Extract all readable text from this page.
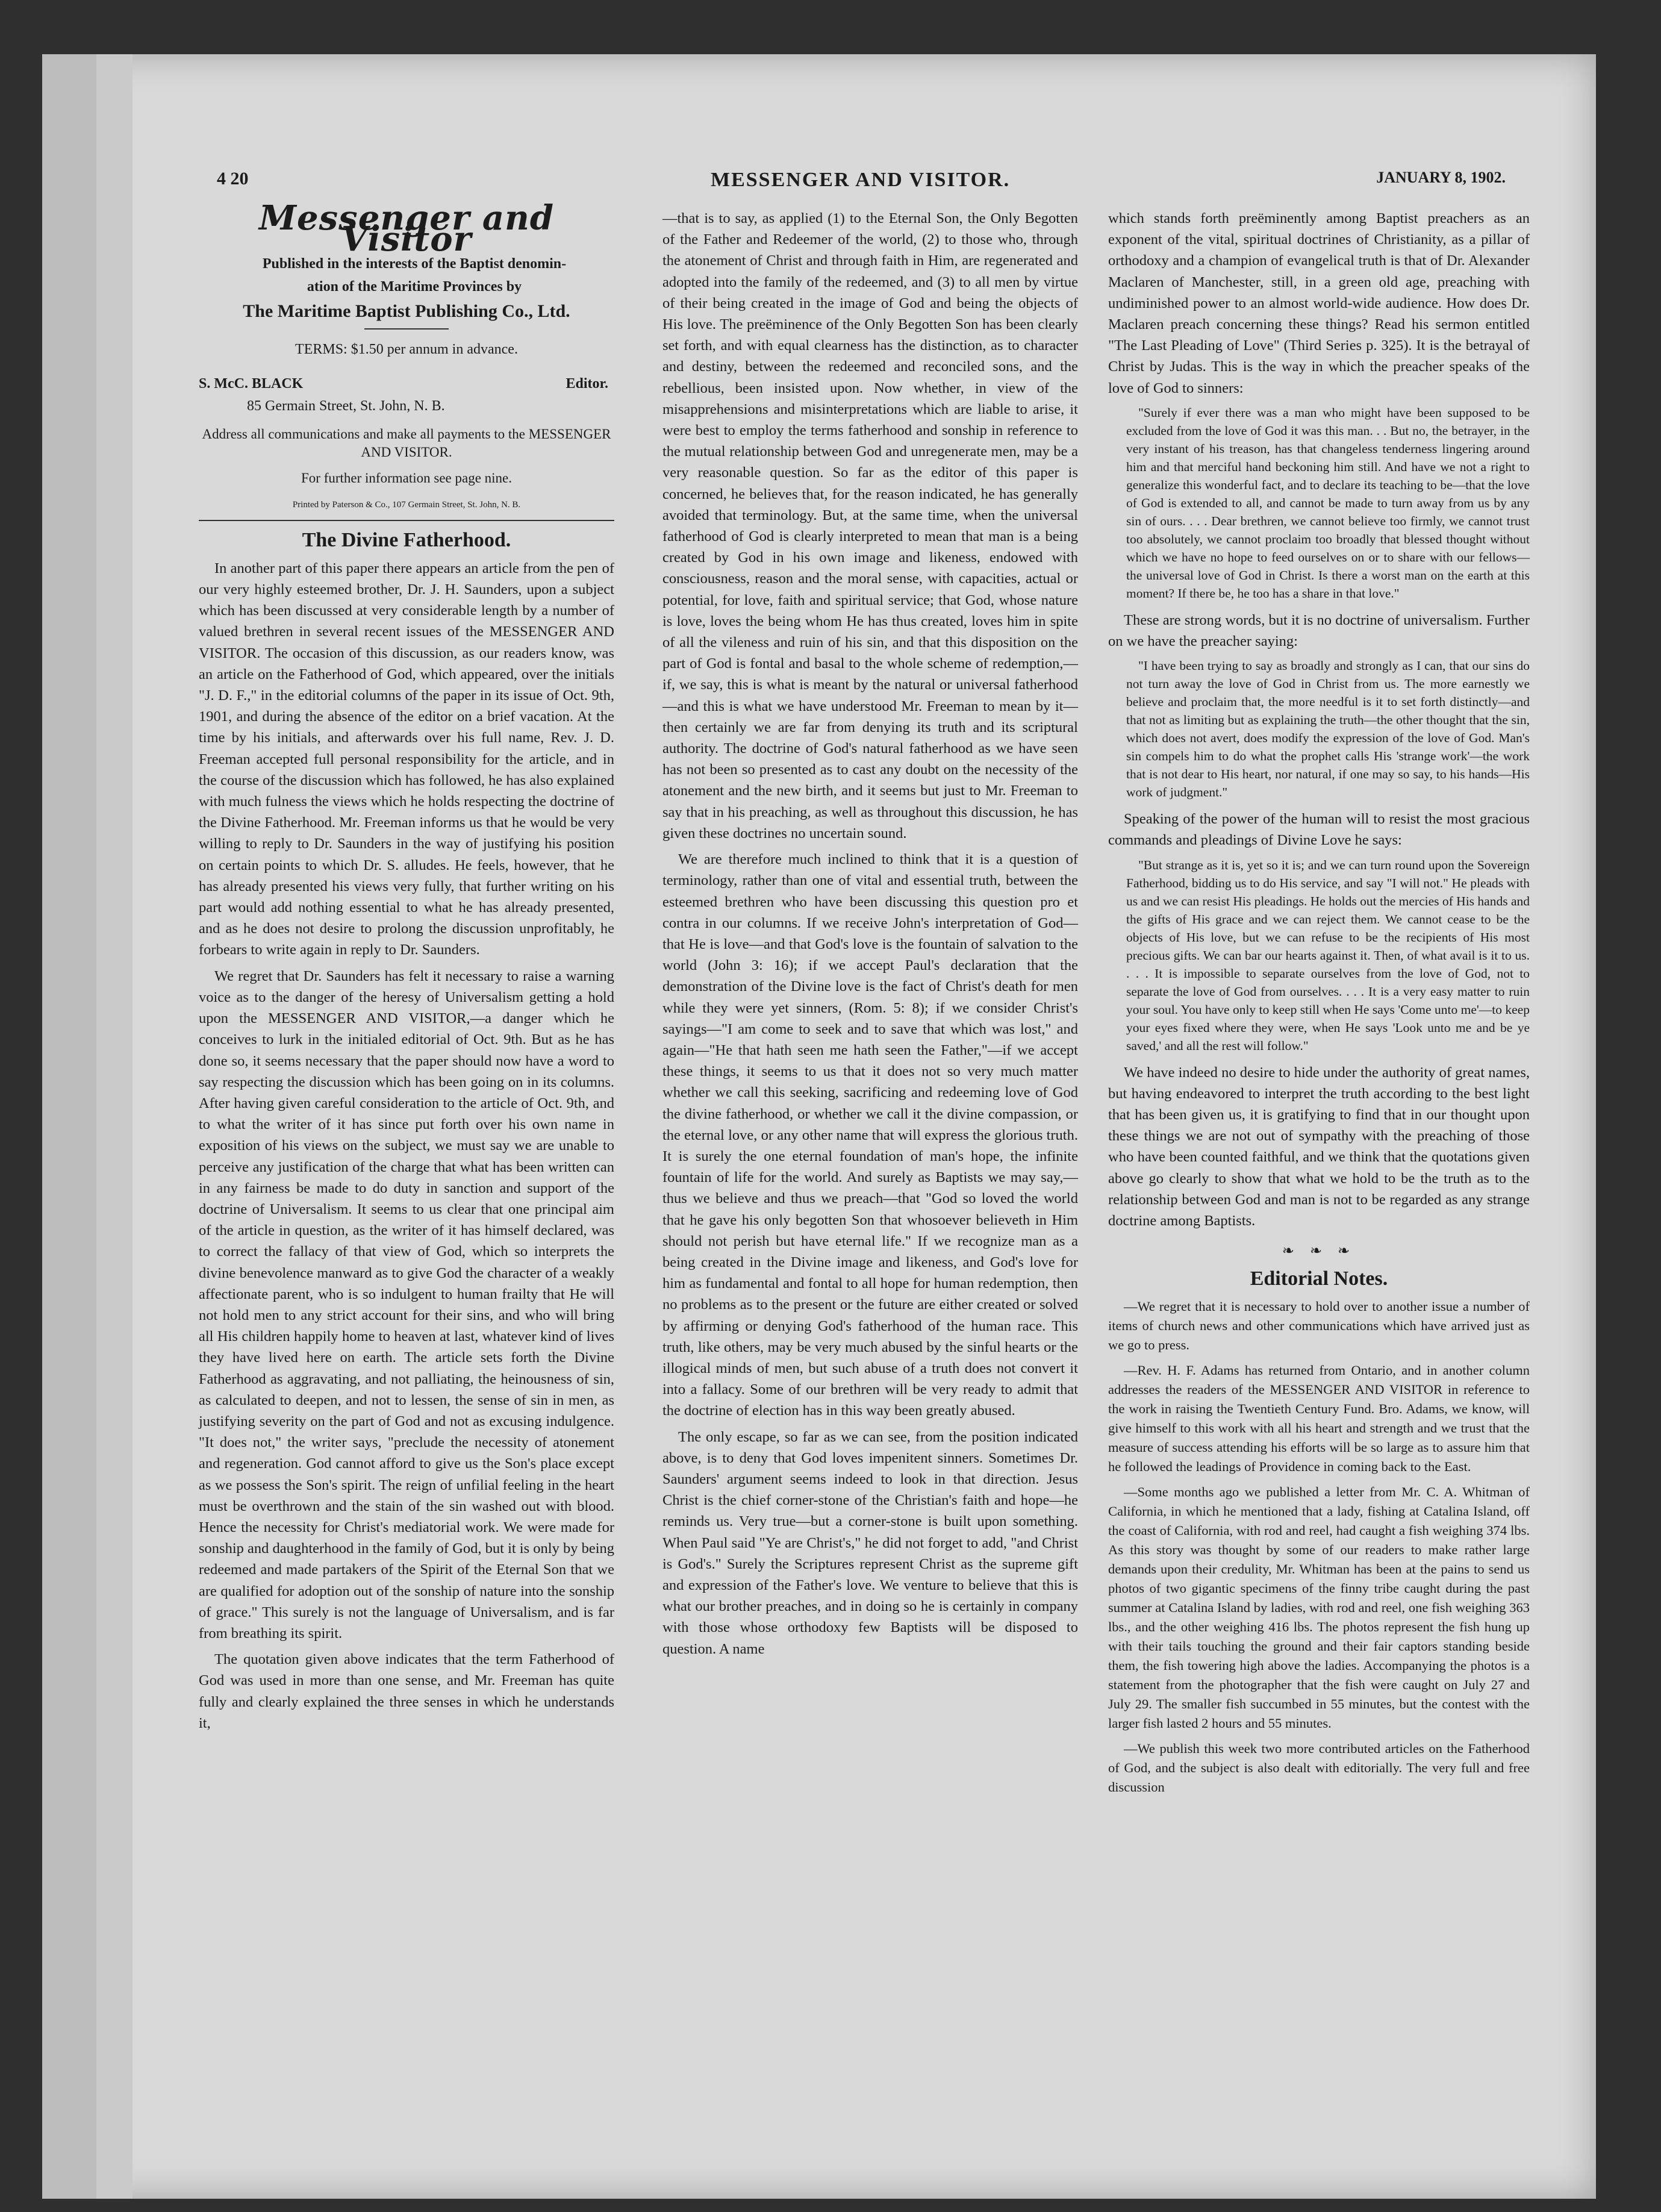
4 20	MESSENGER AND VISITOR.	JANUARY 8, 1902.
Messenger and Visitor

Published in the interests of the Baptist denomin-

ation of the Maritime Provinces by

The Maritime Baptist Publishing Co., Ltd.
TERMS: $1.50 per annum in advance.
S. McC. BLACK	Editor.
85 Germain Street, St. John, N. B.
Address all communications and make all payments to the MESSENGER AND VISITOR.
For further information see page nine.
Printed by Paterson & Co., 107 Germain Street, St. John, N. B.
The Divine Fatherhood.

In another part of this paper there appears an article from the pen of our very highly esteemed brother, Dr. J. H. Saunders, upon a subject which has been discussed at very considerable length by a number of valued brethren in several recent issues of the MESSENGER AND VISITOR. The occasion of this discussion, as our readers know, was an article on the Fatherhood of God, which appeared, over the initials "J. D. F.," in the editorial columns of the paper in its issue of Oct. 9th, 1901, and during the absence of the editor on a brief vacation. At the time by his initials, and afterwards over his full name, Rev. J. D. Freeman accepted full personal responsibility for the article, and in the course of the discussion which has followed, he has also explained with much fulness the views which he holds respecting the doctrine of the Divine Fatherhood. Mr. Freeman informs us that he would be very willing to reply to Dr. Saunders in the way of justifying his position on certain points to which Dr. S. alludes. He feels, however, that he has already presented his views very fully, that further writing on his part would add nothing essential to what he has already presented, and as he does not desire to prolong the discussion unprofitably, he forbears to write again in reply to Dr. Saunders.

We regret that Dr. Saunders has felt it necessary to raise a warning voice as to the danger of the heresy of Universalism getting a hold upon the MESSENGER AND VISITOR,—a danger which he conceives to lurk in the initialed editorial of Oct. 9th. But as he has done so, it seems necessary that the paper should now have a word to say respecting the discussion which has been going on in its columns. After having given careful consideration to the article of Oct. 9th, and to what the writer of it has since put forth over his own name in exposition of his views on the subject, we must say we are unable to perceive any justification of the charge that what has been written can in any fairness be made to do duty in sanction and support of the doctrine of Universalism. It seems to us clear that one principal aim of the article in question, as the writer of it has himself declared, was to correct the fallacy of that view of God, which so interprets the divine benevolence manward as to give God the character of a weakly affectionate parent, who is so indulgent to human frailty that He will not hold men to any strict account for their sins, and who will bring all His children happily home to heaven at last, whatever kind of lives they have lived here on earth. The article sets forth the Divine Fatherhood as aggravating, and not palliating, the heinousness of sin, as calculated to deepen, and not to lessen, the sense of sin in men, as justifying severity on the part of God and not as excusing indulgence. "It does not," the writer says, "preclude the necessity of atonement and regeneration. God cannot afford to give us the Son's place except as we possess the Son's spirit. The reign of unfilial feeling in the heart must be overthrown and the stain of the sin washed out with blood. Hence the necessity for Christ's mediatorial work. We were made for sonship and daughterhood in the family of God, but it is only by being redeemed and made partakers of the Spirit of the Eternal Son that we are qualified for adoption out of the sonship of nature into the sonship of grace." This surely is not the language of Universalism, and is far from breathing its spirit.

The quotation given above indicates that the term Fatherhood of God was used in more than one sense, and Mr. Freeman has quite fully and clearly explained the three senses in which he understands it,

—that is to say, as applied (1) to the Eternal Son, the Only Begotten of the Father and Redeemer of the world, (2) to those who, through the atonement of Christ and through faith in Him, are regenerated and adopted into the family of the redeemed, and (3) to all men by virtue of their being created in the image of God and being the objects of His love. The preëminence of the Only Begotten Son has been clearly set forth, and with equal clearness has the distinction, as to character and destiny, between the redeemed and reconciled sons, and the rebellious, been insisted upon. Now whether, in view of the misapprehensions and misinterpretations which are liable to arise, it were best to employ the terms fatherhood and sonship in reference to the mutual relationship between God and unregenerate men, may be a very reasonable question. So far as the editor of this paper is concerned, he believes that, for the reason indicated, he has generally avoided that terminology. But, at the same time, when the universal fatherhood of God is clearly interpreted to mean that man is a being created by God in his own image and likeness, endowed with consciousness, reason and the moral sense, with capacities, actual or potential, for love, faith and spiritual service; that God, whose nature is love, loves the being whom He has thus created, loves him in spite of all the vileness and ruin of his sin, and that this disposition on the part of God is fontal and basal to the whole scheme of redemption,—if, we say, this is what is meant by the natural or universal fatherhood—and this is what we have understood Mr. Freeman to mean by it—then certainly we are far from denying its truth and its scriptural authority. The doctrine of God's natural fatherhood as we have seen has not been so presented as to cast any doubt on the necessity of the atonement and the new birth, and it seems but just to Mr. Freeman to say that in his preaching, as well as throughout this discussion, he has given these doctrines no uncertain sound.

We are therefore much inclined to think that it is a question of terminology, rather than one of vital and essential truth, between the esteemed brethren who have been discussing this question pro et contra in our columns. If we receive John's interpretation of God—that He is love—and that God's love is the fountain of salvation to the world (John 3: 16); if we accept Paul's declaration that the demonstration of the Divine love is the fact of Christ's death for men while they were yet sinners, (Rom. 5: 8); if we consider Christ's sayings—"I am come to seek and to save that which was lost," and again—"He that hath seen me hath seen the Father,"—if we accept these things, it seems to us that it does not so very much matter whether we call this seeking, sacrificing and redeeming love of God the divine fatherhood, or whether we call it the divine compassion, or the eternal love, or any other name that will express the glorious truth. It is surely the one eternal foundation of man's hope, the infinite fountain of life for the world. And surely as Baptists we may say,—thus we believe and thus we preach—that "God so loved the world that he gave his only begotten Son that whosoever believeth in Him should not perish but have eternal life." If we recognize man as a being created in the Divine image and likeness, and God's love for him as fundamental and fontal to all hope for human redemption, then no problems as to the present or the future are either created or solved by affirming or denying God's fatherhood of the human race. This truth, like others, may be very much abused by the sinful hearts or the illogical minds of men, but such abuse of a truth does not convert it into a fallacy. Some of our brethren will be very ready to admit that the doctrine of election has in this way been greatly abused.

The only escape, so far as we can see, from the position indicated above, is to deny that God loves impenitent sinners. Sometimes Dr. Saunders' argument seems indeed to look in that direction. Jesus Christ is the chief corner-stone of the Christian's faith and hope—he reminds us. Very true—but a corner-stone is built upon something. When Paul said "Ye are Christ's," he did not forget to add, "and Christ is God's." Surely the Scriptures represent Christ as the supreme gift and expression of the Father's love. We venture to believe that this is what our brother preaches, and in doing so he is certainly in company with those whose orthodoxy few Baptists will be disposed to question. A name

which stands forth preëminently among Baptist preachers as an exponent of the vital, spiritual doctrines of Christianity, as a pillar of orthodoxy and a champion of evangelical truth is that of Dr. Alexander Maclaren of Manchester, still, in a green old age, preaching with undiminished power to an almost world-wide audience. How does Dr. Maclaren preach concerning these things? Read his sermon entitled "The Last Pleading of Love" (Third Series p. 325). It is the betrayal of Christ by Judas. This is the way in which the preacher speaks of the love of God to sinners:

"Surely if ever there was a man who might have been supposed to be excluded from the love of God it was this man. . . But no, the betrayer, in the very instant of his treason, has that changeless tenderness lingering around him and that merciful hand beckoning him still. And have we not a right to generalize this wonderful fact, and to declare its teaching to be—that the love of God is extended to all, and cannot be made to turn away from us by any sin of ours. . . . Dear brethren, we cannot believe too firmly, we cannot trust too absolutely, we cannot proclaim too broadly that blessed thought without which we have no hope to feed ourselves on or to share with our fellows—the universal love of God in Christ. Is there a worst man on the earth at this moment? If there be, he too has a share in that love."

These are strong words, but it is no doctrine of universalism. Further on we have the preacher saying:

"I have been trying to say as broadly and strongly as I can, that our sins do not turn away the love of God in Christ from us. The more earnestly we believe and proclaim that, the more needful is it to set forth distinctly—and that not as limiting but as explaining the truth—the other thought that the sin, which does not avert, does modify the expression of the love of God. Man's sin compels him to do what the prophet calls His 'strange work'—the work that is not dear to His heart, nor natural, if one may so say, to his hands—His work of judgment."

Speaking of the power of the human will to resist the most gracious commands and pleadings of Divine Love he says:

"But strange as it is, yet so it is; and we can turn round upon the Sovereign Fatherhood, bidding us to do His service, and say "I will not." He pleads with us and we can resist His pleadings. He holds out the mercies of His hands and the gifts of His grace and we can reject them. We cannot cease to be the objects of His love, but we can refuse to be the recipients of His most precious gifts. We can bar our hearts against it. Then, of what avail is it to us. . . . It is impossible to separate ourselves from the love of God, not to separate the love of God from ourselves. . . . It is a very easy matter to ruin your soul. You have only to keep still when He says 'Come unto me'—to keep your eyes fixed where they were, when He says 'Look unto me and be ye saved,' and all the rest will follow."

We have indeed no desire to hide under the authority of great names, but having endeavored to interpret the truth according to the best light that has been given us, it is gratifying to find that in our thought upon these things we are not out of sympathy with the preaching of those who have been counted faithful, and we think that the quotations given above go clearly to show that what we hold to be the truth as to the relationship between God and man is not to be regarded as any strange doctrine among Baptists.

❧ ❧ ❧
Editorial Notes.

—We regret that it is necessary to hold over to another issue a number of items of church news and other communications which have arrived just as we go to press.

—Rev. H. F. Adams has returned from Ontario, and in another column addresses the readers of the MESSENGER AND VISITOR in reference to the work in raising the Twentieth Century Fund. Bro. Adams, we know, will give himself to this work with all his heart and strength and we trust that the measure of success attending his efforts will be so large as to assure him that he followed the leadings of Providence in coming back to the East.

—Some months ago we published a letter from Mr. C. A. Whitman of California, in which he mentioned that a lady, fishing at Catalina Island, off the coast of California, with rod and reel, had caught a fish weighing 374 lbs. As this story was thought by some of our readers to make rather large demands upon their credulity, Mr. Whitman has been at the pains to send us photos of two gigantic specimens of the finny tribe caught during the past summer at Catalina Island by ladies, with rod and reel, one fish weighing 363 lbs., and the other weighing 416 lbs. The photos represent the fish hung up with their tails touching the ground and their fair captors standing beside them, the fish towering high above the ladies. Accompanying the photos is a statement from the photographer that the fish were caught on July 27 and July 29. The smaller fish succumbed in 55 minutes, but the contest with the larger fish lasted 2 hours and 55 minutes.

—We publish this week two more contributed articles on the Fatherhood of God, and the subject is also dealt with editorially. The very full and free discussion
